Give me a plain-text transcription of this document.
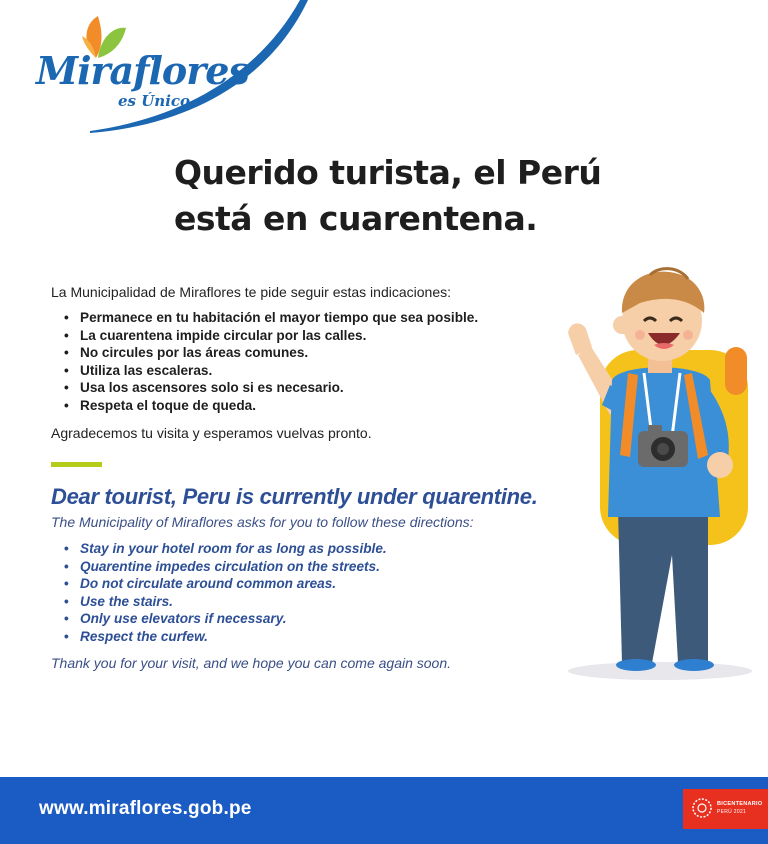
Miraflores
es Único
Querido turista, el Perú
está en cuarentena.
La Municipalidad de Miraflores te pide seguir estas indicaciones:
• Permanece en tu habitación el mayor tiempo que sea posible.
• La cuarentena impide circular por las calles.
• No circules por las áreas comunes.
• Utiliza las escaleras.
• Usa los ascensores solo si es necesario.
• Respeta el toque de queda.
Agradecemos tu visita y esperamos vuelvas pronto.
Dear tourist, Peru is currently under quarentine.
The Municipality of Miraflores asks for you to follow these directions:
• Stay in your hotel room for as long as possible.
• Quarentine impedes circulation on the streets.
• Do not circulate around common areas.
• Use the stairs.
• Only use elevators if necessary.
• Respect the curfew.
Thank you for your visit, and we hope you can come again soon.
www.miraflores.gob.pe	BICENTENARIO
PERÚ 2021
